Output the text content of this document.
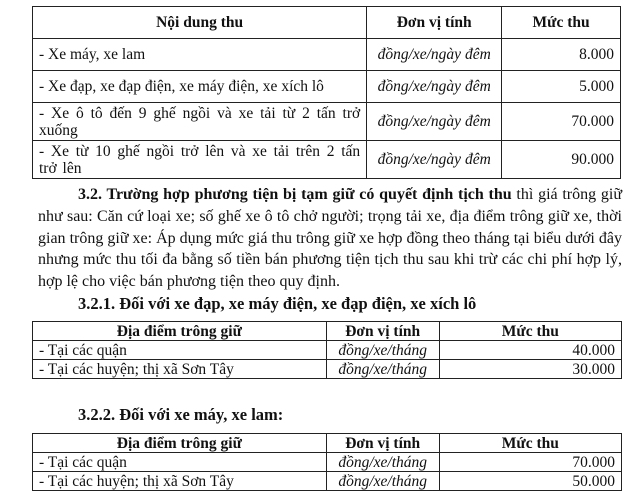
Nội dung thu	Đơn vị tính	Mức thu
- Xe máy, xe lam	đồng/xe/ngày đêm	8.000
- Xe đạp, xe đạp điện, xe máy điện, xe xích lô	đồng/xe/ngày đêm	5.000
- Xe ô tô đến 9 ghế ngồi và xe tải từ 2 tấn trở xuống	đồng/xe/ngày đêm	70.000
- Xe từ 10 ghế ngồi trở lên và xe tải trên 2 tấn trở lên	đồng/xe/ngày đêm	90.000
3.2. Trường hợp phương tiện bị tạm giữ có quyết định tịch thu thì giá trông giữ như sau: Căn cứ loại xe; số ghế xe ô tô chở người; trọng tải xe, địa điểm trông giữ xe, thời gian trông giữ xe: Áp dụng mức giá thu trông giữ xe hợp đồng theo tháng tại biểu dưới đây nhưng mức thu tối đa bằng số tiền bán phương tiện tịch thu sau khi trừ các chi phí hợp lý, hợp lệ cho việc bán phương tiện theo quy định.
3.2.1. Đối với xe đạp, xe máy điện, xe đạp điện, xe xích lô
Địa điểm trông giữ	Đơn vị tính	Mức thu
- Tại các quận	đồng/xe/tháng	40.000
- Tại các huyện; thị xã Sơn Tây	đồng/xe/tháng	30.000
3.2.2. Đối với xe máy, xe lam:
Địa điểm trông giữ	Đơn vị tính	Mức thu
- Tại các quận	đồng/xe/tháng	70.000
- Tại các huyện; thị xã Sơn Tây	đồng/xe/tháng	50.000
